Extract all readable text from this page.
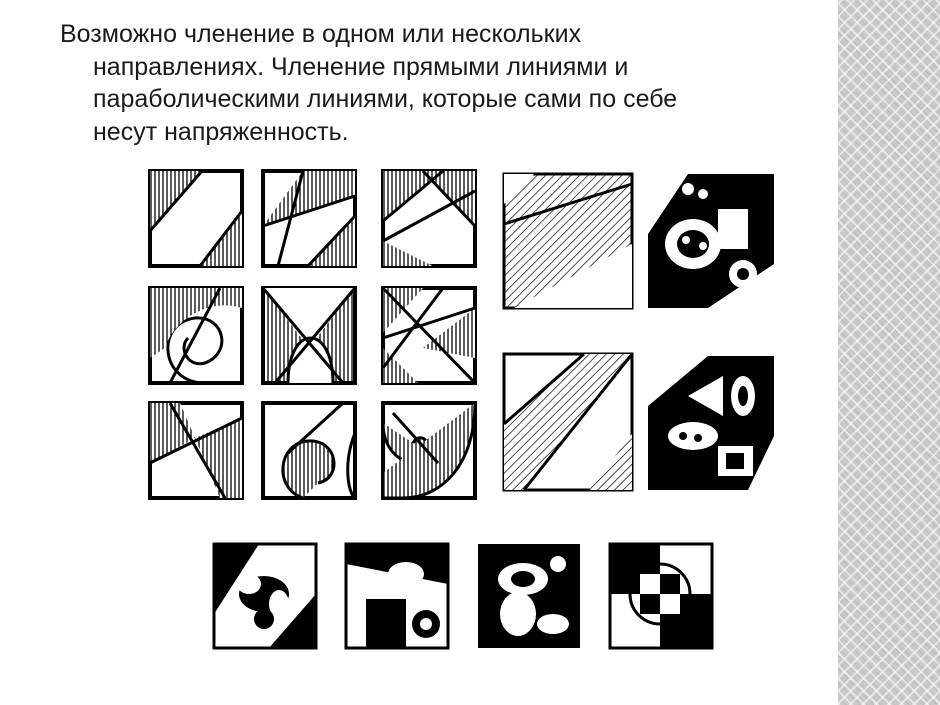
Возможно членение в одном или нескольких

направлениях. Членение прямыми линиями и

параболическими линиями, которые сами по себе

несут напряженность.
